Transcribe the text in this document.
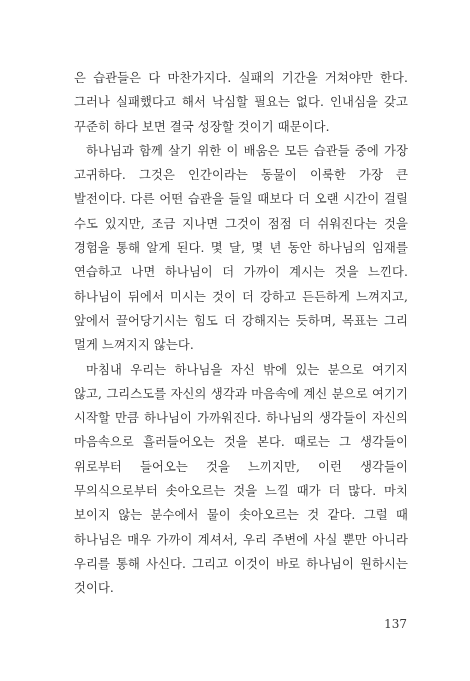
은 습관들은 다 마찬가지다. 실패의 기간을 거쳐야만 한다. 그러나 실패했다고 해서 낙심할 필요는 없다. 인내심을 갖고 꾸준히 하다 보면 결국 성장할 것이기 때문이다.

하나님과 함께 살기 위한 이 배움은 모든 습관들 중에 가장 고귀하다. 그것은 인간이라는 동물이 이룩한 가장 큰 발전이다. 다른 어떤 습관을 들일 때보다 더 오랜 시간이 걸릴 수도 있지만, 조금 지나면 그것이 점점 더 쉬워진다는 것을 경험을 통해 알게 된다. 몇 달, 몇 년 동안 하나님의 임재를 연습하고 나면 하나님이 더 가까이 계시는 것을 느낀다. 하나님이 뒤에서 미시는 것이 더 강하고 든든하게 느껴지고, 앞에서 끌어당기시는 힘도 더 강해지는 듯하며, 목표는 그리 멀게 느껴지지 않는다.

마침내 우리는 하나님을 자신 밖에 있는 분으로 여기지 않고, 그리스도를 자신의 생각과 마음속에 계신 분으로 여기기 시작할 만큼 하나님이 가까워진다. 하나님의 생각들이 자신의 마음속으로 흘러들어오는 것을 본다. 때로는 그 생각들이 위로부터 들어오는 것을 느끼지만, 이런 생각들이 무의식으로부터 솟아오르는 것을 느낄 때가 더 많다. 마치 보이지 않는 분수에서 물이 솟아오르는 것 같다. 그럴 때 하나님은 매우 가까이 계셔서, 우리 주변에 사실 뿐만 아니라 우리를 통해 사신다. 그리고 이것이 바로 하나님이 원하시는 것이다.

137
